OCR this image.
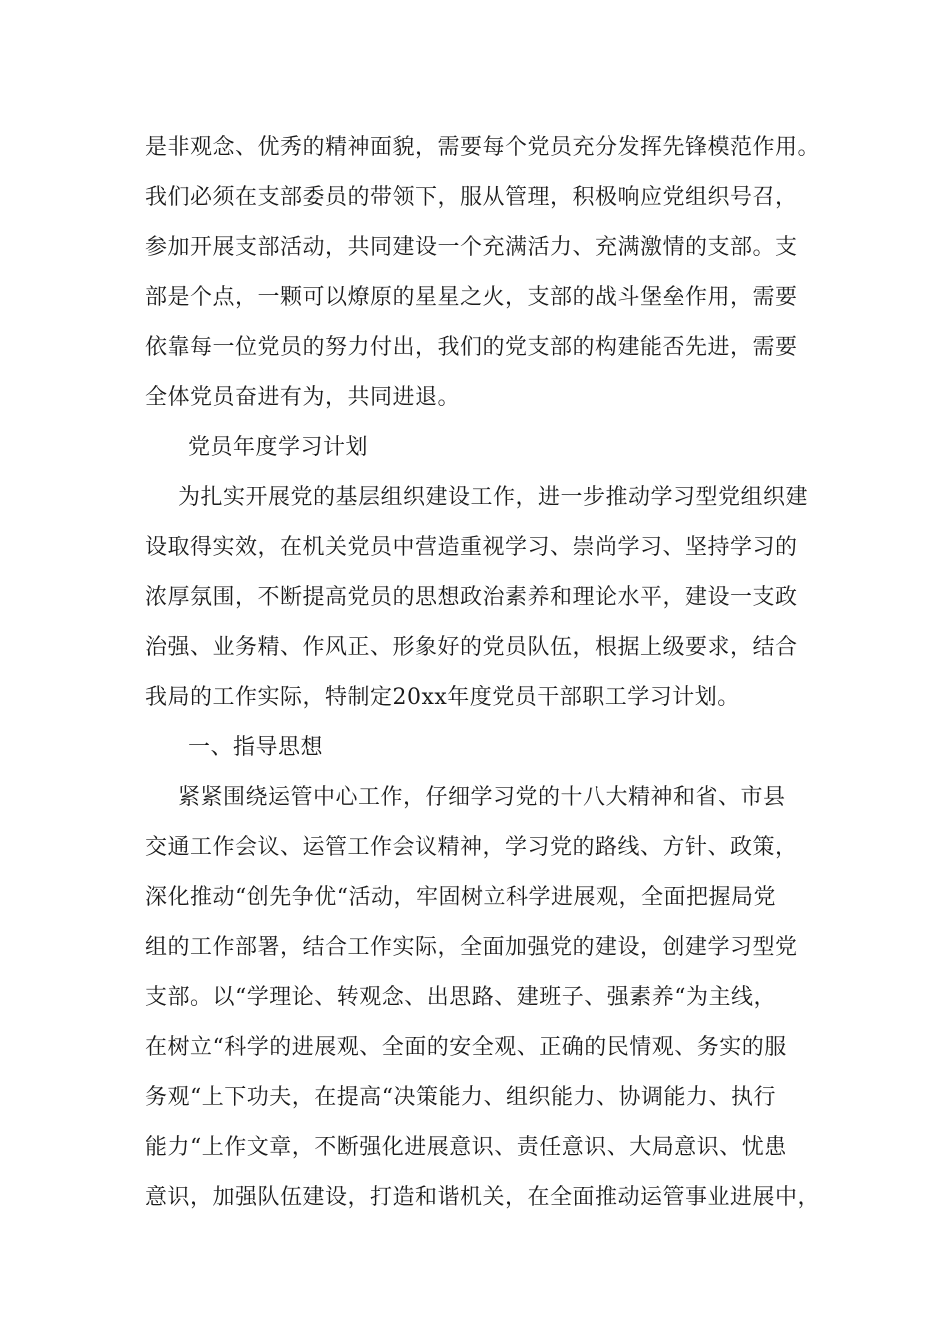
是非观念、优秀的精神面貌，需要每个党员充分发挥先锋模范作用。
我们必须在支部委员的带领下，服从管理，积极响应党组织号召，
参加开展支部活动，共同建设一个充满活力、充满激情的支部。支
部是个点，一颗可以燎原的星星之火，支部的战斗堡垒作用，需要
依靠每一位党员的努力付出，我们的党支部的构建能否先进，需要
全体党员奋进有为，共同进退。
党员年度学习计划
为扎实开展党的基层组织建设工作，进一步推动学习型党组织建
设取得实效，在机关党员中营造重视学习、崇尚学习、坚持学习的
浓厚氛围，不断提高党员的思想政治素养和理论水平，建设一支政
治强、业务精、作风正、形象好的党员队伍，根据上级要求，结合
我局的工作实际，特制定20xx年度党员干部职工学习计划。
一、指导思想
紧紧围绕运管中心工作，仔细学习党的十八大精神和省、市县
交通工作会议、运管工作会议精神，学习党的路线、方针、政策，
深化推动“创先争优“活动，牢固树立科学进展观，全面把握局党
组的工作部署，结合工作实际，全面加强党的建设，创建学习型党
支部。以“学理论、转观念、出思路、建班子、强素养“为主线，
在树立“科学的进展观、全面的安全观、正确的民情观、务实的服
务观“上下功夫，在提高“决策能力、组织能力、协调能力、执行
能力“上作文章，不断强化进展意识、责任意识、大局意识、忧患
意识，加强队伍建设，打造和谐机关，在全面推动运管事业进展中，
